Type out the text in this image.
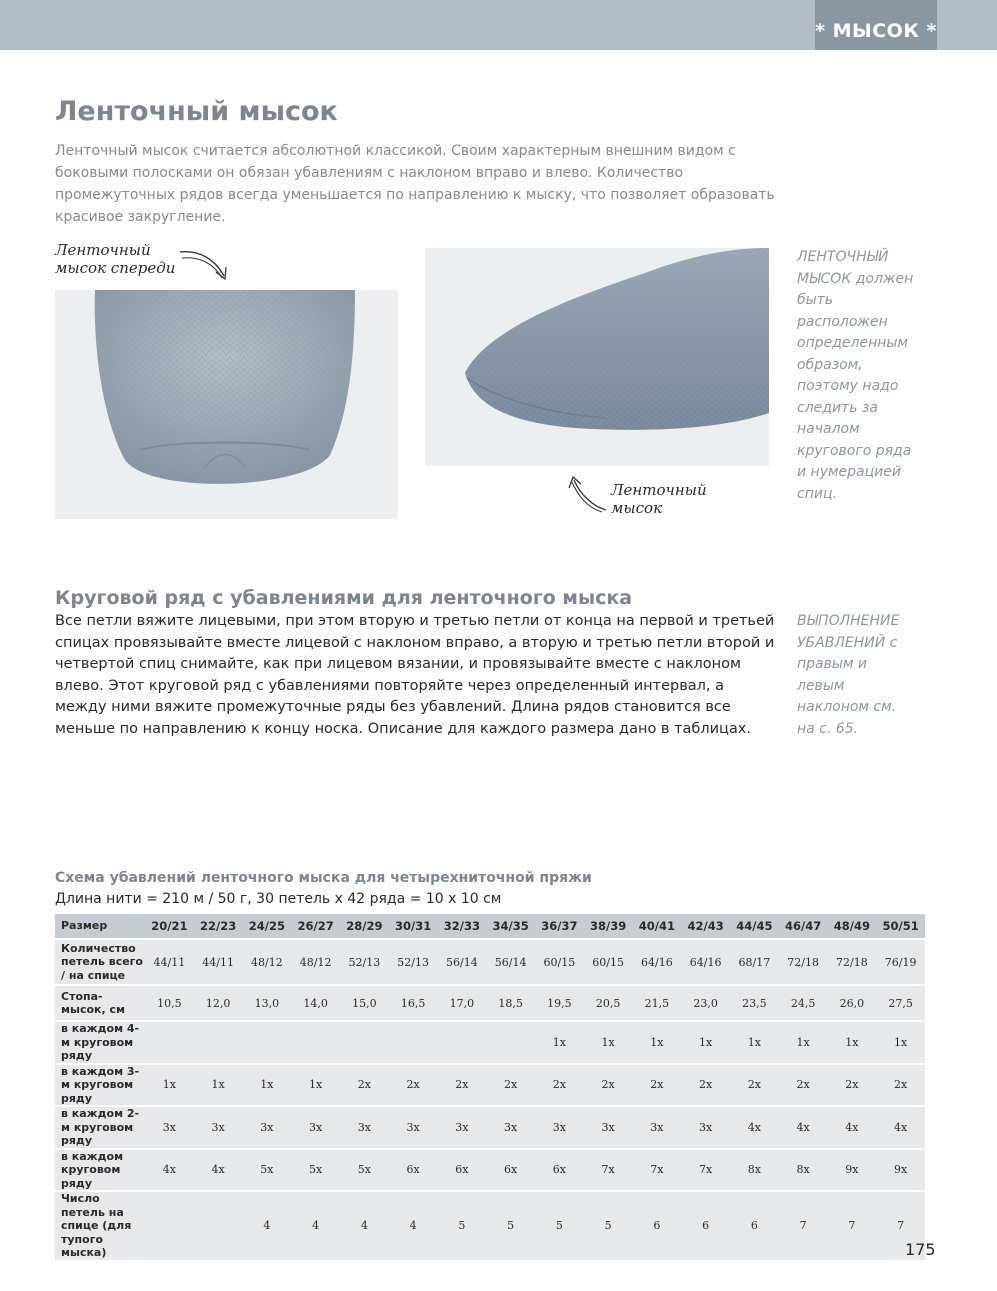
* МЫСОК *
Ленточный мысок

Ленточный мысок считается абсолютной классикой. Своим характерным внешним видом с боковыми полосками он обязан убавлениям с наклоном вправо и влево. Количество промежуточных рядов всегда уменьшается по направлению к мыску, что позволяет образовать красивое закругление.

Ленточный
мысок спереди
Ленточный
мысок

ЛЕНТОЧНЫЙ МЫСОК должен быть расположен определенным образом, поэтому надо следить за началом кругового ряда и нумерацией спиц.

Круговой ряд с убавлениями для ленточного мыска

Все петли вяжите лицевыми, при этом вторую и третью петли от конца на первой и третьей спицах провязывайте вместе лицевой с наклоном вправо, а вторую и третью петли второй и четвертой спиц снимайте, как при лицевом вязании, и провязывайте вместе с наклоном влево. Этот круговой ряд с убавлениями повторяйте через определенный интервал, а между ними вяжите промежуточные ряды без убавлений. Длина рядов становится все меньше по направлению к концу носка. Описание для каждого размера дано в таблицах.

ВЫПОЛНЕНИЕ УБАВЛЕНИЙ с правым и левым наклоном см. на с. 65.

Схема убавлений ленточного мыска для четырехниточной пряжи

Длина нити = 210 м / 50 г, 30 петель х 42 ряда = 10 х 10 см

Размер	20/21	22/23	24/25	26/27	28/29	30/31	32/33	34/35	36/37	38/39	40/41	42/43	44/45	46/47	48/49	50/51
Количество петель всего / на спице	44/11	44/11	48/12	48/12	52/13	52/13	56/14	56/14	60/15	60/15	64/16	64/16	68/17	72/18	72/18	76/19
Стопа-мысок, см	10,5	12,0	13,0	14,0	15,0	16,5	17,0	18,5	19,5	20,5	21,5	23,0	23,5	24,5	26,0	27,5
в каждом 4-м круговом ряду									1x	1x	1x	1x	1x	1x	1x	1x
в каждом 3-м круговом ряду	1x	1x	1x	1x	2x	2x	2x	2x	2x	2x	2x	2x	2x	2x	2x	2x
в каждом 2-м круговом ряду	3x	3x	3x	3x	3x	3x	3x	3x	3x	3x	3x	3x	4x	4x	4x	4x
в каждом круговом ряду	4x	4x	5x	5x	5x	6x	6x	6x	6x	7x	7x	7x	8x	8x	9x	9x
Число петель на спице (для тупого мыска)			4	4	4	4	5	5	5	5	6	6	6	7	7	7
175
